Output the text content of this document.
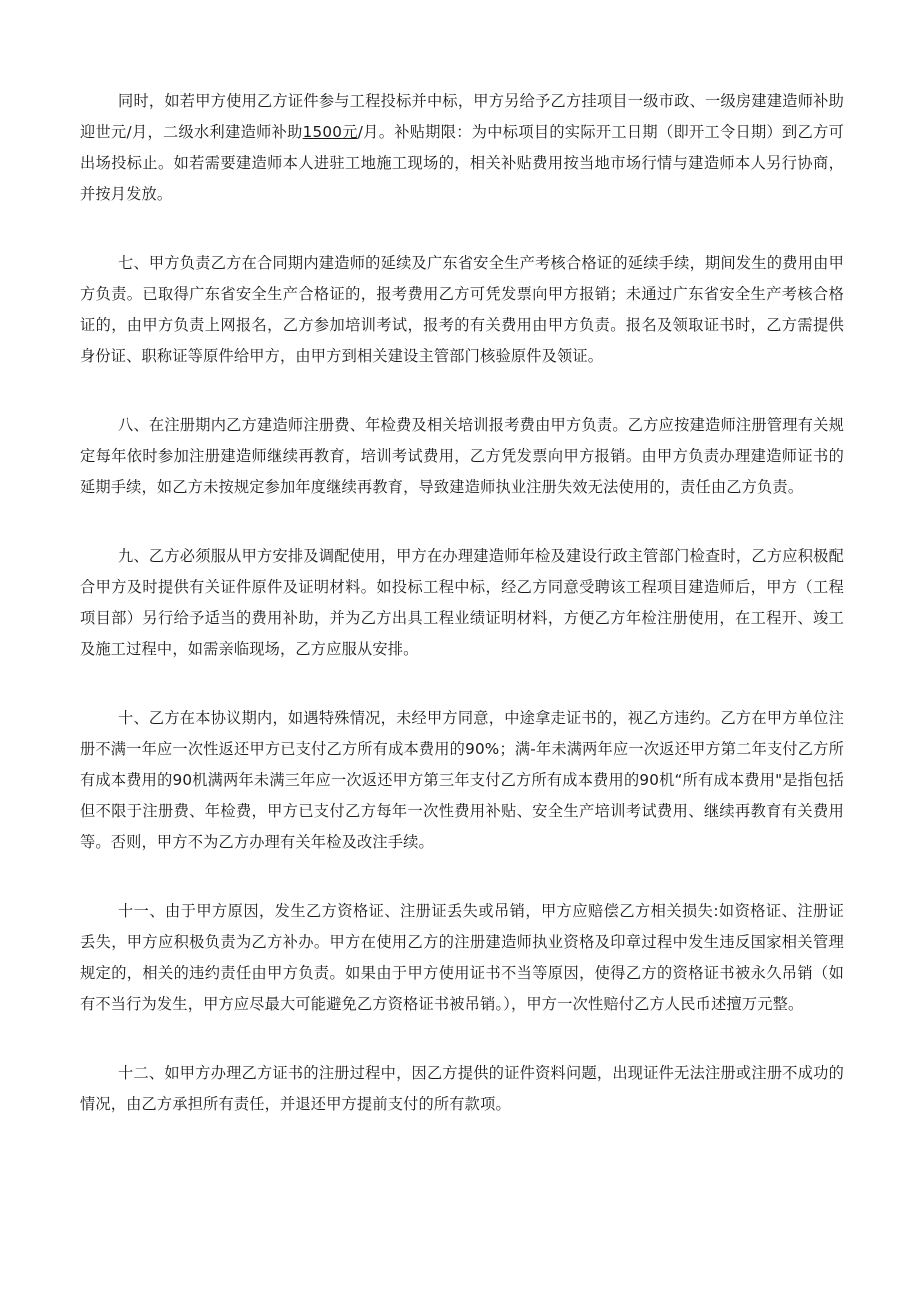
同时，如若甲方使用乙方证件参与工程投标并中标，甲方另给予乙方挂项目一级市政、一级房建建造师补助迎世元/月，二级水利建造师补助1500元/月。补贴期限：为中标项目的实际开工日期（即开工令日期）到乙方可出场投标止。如若需要建造师本人进驻工地施工现场的，相关补贴费用按当地市场行情与建造师本人另行协商，并按月发放。

七、甲方负责乙方在合同期内建造师的延续及广东省安全生产考核合格证的延续手续，期间发生的费用由甲方负责。已取得广东省安全生产合格证的，报考费用乙方可凭发票向甲方报销；未通过广东省安全生产考核合格证的，由甲方负责上网报名，乙方参加培训考试，报考的有关费用由甲方负责。报名及领取证书时，乙方需提供身份证、职称证等原件给甲方，由甲方到相关建设主管部门核验原件及领证。

八、在注册期内乙方建造师注册费、年检费及相关培训报考费由甲方负责。乙方应按建造师注册管理有关规定每年依时参加注册建造师继续再教育，培训考试费用，乙方凭发票向甲方报销。由甲方负责办理建造师证书的延期手续，如乙方未按规定参加年度继续再教育，导致建造师执业注册失效无法使用的，责任由乙方负责。

九、乙方必须服从甲方安排及调配使用，甲方在办理建造师年检及建设行政主管部门检查时，乙方应积极配合甲方及时提供有关证件原件及证明材料。如投标工程中标，经乙方同意受聘该工程项目建造师后，甲方（工程项目部）另行给予适当的费用补助，并为乙方出具工程业绩证明材料，方便乙方年检注册使用，在工程开、竣工及施工过程中，如需亲临现场，乙方应服从安排。

十、乙方在本协议期内，如遇特殊情况，未经甲方同意，中途拿走证书的，视乙方违约。乙方在甲方单位注册不满一年应一次性返还甲方已支付乙方所有成本费用的90%；满-年未满两年应一次返还甲方第二年支付乙方所有成本费用的90机满两年未满三年应一次返还甲方第三年支付乙方所有成本费用的90机“所有成本费用"是指包括但不限于注册费、年检费，甲方已支付乙方每年一次性费用补贴、安全生产培训考试费用、继续再教育有关费用等。否则，甲方不为乙方办理有关年检及改注手续。

十一、由于甲方原因，发生乙方资格证、注册证丢失或吊销，甲方应赔偿乙方相关损失:如资格证、注册证丢失，甲方应积极负责为乙方补办。甲方在使用乙方的注册建造师执业资格及印章过程中发生违反国家相关管理规定的，相关的违约责任由甲方负责。如果由于甲方使用证书不当等原因，使得乙方的资格证书被永久吊销（如有不当行为发生，甲方应尽最大可能避免乙方资格证书被吊销。），甲方一次性赔付乙方人民币述擅万元整。

十二、如甲方办理乙方证书的注册过程中，因乙方提供的证件资料问题，出现证件无法注册或注册不成功的情况，由乙方承担所有责任，并退还甲方提前支付的所有款项。
